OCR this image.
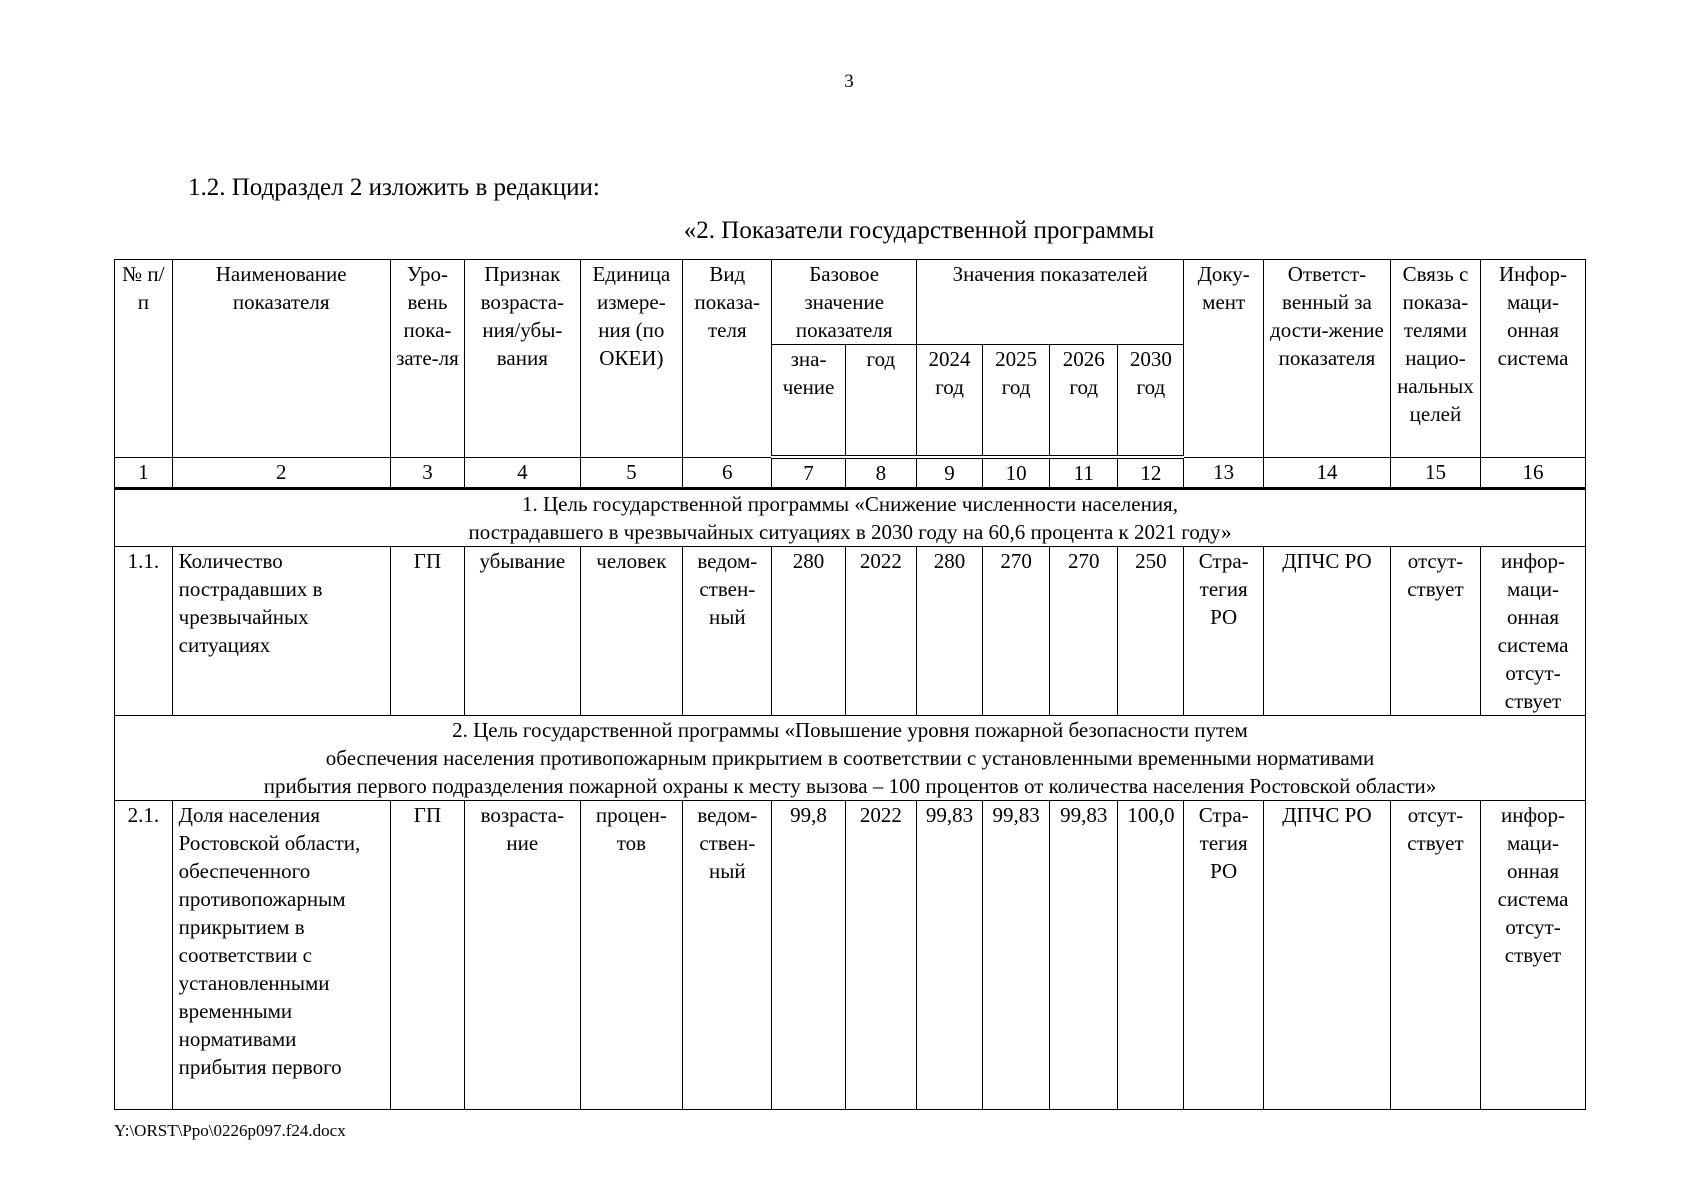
3
1.2. Подраздел 2 изложить в редакции:
«2. Показатели государственной программы
№ п/п	Наименование показателя	Уро-вень пока-зате-ля	Признак возраста-ния/убы-вания	Единица измере-ния (по ОКЕИ)	Вид показа-теля	Базовое значение показателя		Значения показателей				Доку-мент	Ответст-венный за дости-жение показателя	Связь с показа-телями нацио-нальных целей	Инфор-маци-онная система
						зна-чение	год	2024 год	2025 год	2026 год	2030 год				
1	2	3	4	5	6	7	8	9	10	11	12	13	14	15	16

1. Цель государственной программы «Снижение численности населения,
пострадавшего в чрезвычайных ситуациях в 2030 году на 60,6 процента к 2021 году»															

1.1.	Количество пострадавших в чрезвычайных ситуациях	ГП	убывание	человек	ведом-ствен-ный	280	2022	280	270	270	250	Стра-тегия РО	ДПЧС РО	отсут-ствует	инфор-маци-онная система отсут-ствует

2. Цель государственной программы «Повышение уровня пожарной безопасности путем
обеспечения населения противопожарным прикрытием в соответствии с установленными временными нормативами
прибытия первого подразделения пожарной охраны к месту вызова – 100 процентов от количества населения Ростовской области»															

2.1.	Доля населения Ростовской области, обеспеченного противопожарным прикрытием в соответствии с установленными временными нормативами прибытия первого	ГП	возраста-ние	процен-тов	ведом-ствен-ный	99,8	2022	99,83	99,83	99,83	100,0	Стра-тегия РО	ДПЧС РО	отсут-ствует	инфор-маци-онная система отсут-ствует
Y:\ORST\Ppo\0226p097.f24.docx
